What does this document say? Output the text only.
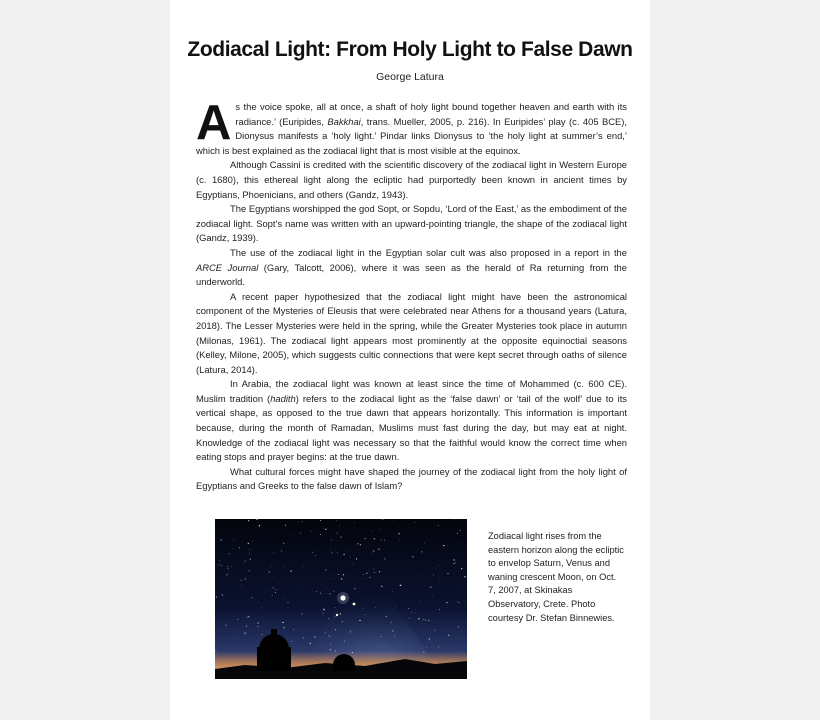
Zodiacal Light: From Holy Light to False Dawn
George Latura

As the voice spoke, all at once, a shaft of holy light bound together heaven and earth with its radiance.’ (Euripides, Bakkhai, trans. Mueller, 2005, p. 216). In Euripides’ play (c. 405 BCE), Dionysus manifests a ‘holy light.’ Pindar links Dionysus to ‘the holy light at summer’s end,’ which is best explained as the zodiacal light that is most visible at the equinox.

Although Cassini is credited with the scientific discovery of the zodiacal light in Western Europe (c. 1680), this ethereal light along the ecliptic had purportedly been known in ancient times by Egyptians, Phoenicians, and others (Gandz, 1943).

The Egyptians worshipped the god Sopt, or Sopdu, ‘Lord of the East,’ as the embodiment of the zodiacal light. Sopt’s name was written with an upward-pointing triangle, the shape of the zodiacal light (Gandz, 1939).

The use of the zodiacal light in the Egyptian solar cult was also proposed in a report in the ARCE Journal (Gary, Talcott, 2006), where it was seen as the herald of Ra returning from the underworld.

A recent paper hypothesized that the zodiacal light might have been the astronomical component of the Mysteries of Eleusis that were celebrated near Athens for a thousand years (Latura, 2018). The Lesser Mysteries were held in the spring, while the Greater Mysteries took place in autumn (Milonas, 1961). The zodiacal light appears most prominently at the opposite equinoctial seasons (Kelley, Milone, 2005), which suggests cultic connections that were kept secret through oaths of silence (Latura, 2014).

In Arabia, the zodiacal light was known at least since the time of Mohammed (c. 600 CE). Muslim tradition (hadith) refers to the zodiacal light as the ‘false dawn’ or ‘tail of the wolf’ due to its vertical shape, as opposed to the true dawn that appears horizontally. This information is important because, during the month of Ramadan, Muslims must fast during the day, but may eat at night. Knowledge of the zodiacal light was necessary so that the faithful would know the correct time when eating stops and prayer begins: at the true dawn.

What cultural forces might have shaped the journey of the zodiacal light from the holy light of Egyptians and Greeks to the false dawn of Islam?

Zodiacal light rises from the eastern horizon along the ecliptic to envelop Saturn, Venus and waning crescent Moon, on Oct. 7, 2007, at Skinakas Observatory, Crete. Photo courtesy Dr. Stefan Binnewies.
